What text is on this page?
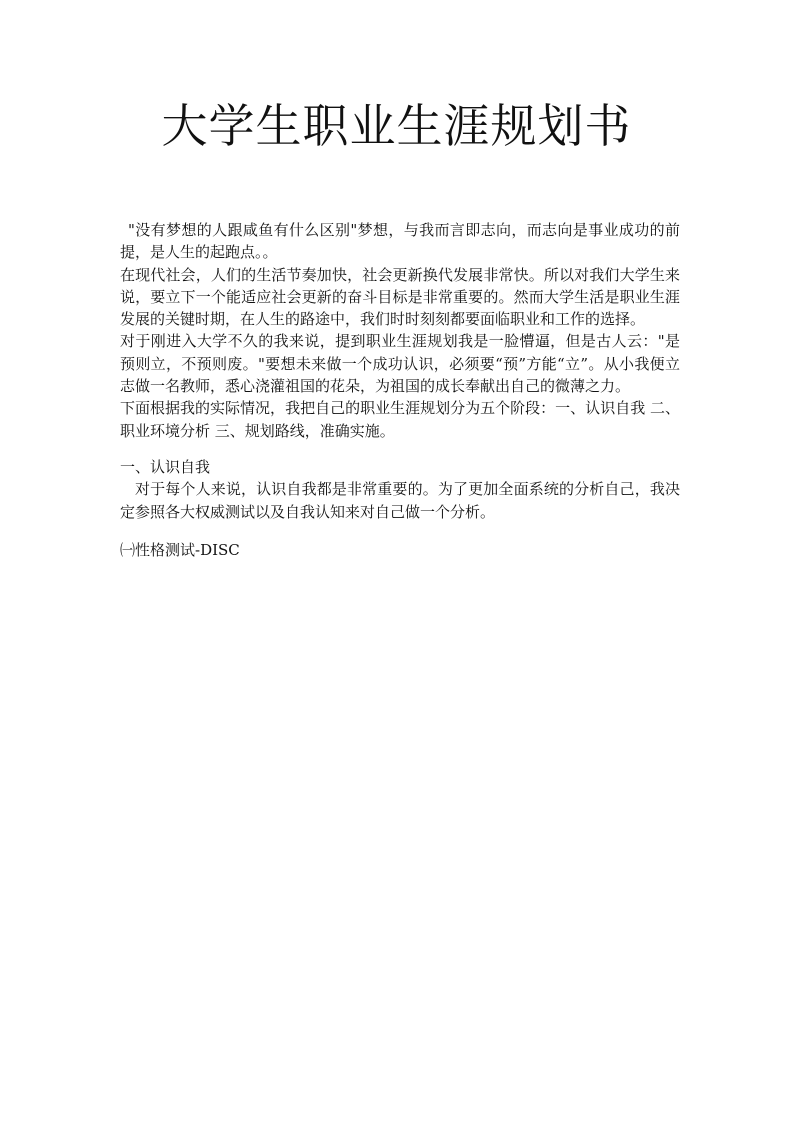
大学生职业生涯规划书

"没有梦想的人跟咸鱼有什么区别"梦想，与我而言即志向，而志向是事业成功的前提，是人生的起跑点。。

在现代社会，人们的生活节奏加快，社会更新换代发展非常快。所以对我们大学生来说，要立下一个能适应社会更新的奋斗目标是非常重要的。然而大学生活是职业生涯发展的关键时期，在人生的路途中，我们时时刻刻都要面临职业和工作的选择。

对于刚进入大学不久的我来说，提到职业生涯规划我是一脸懵逼，但是古人云："是预则立，不预则废。"要想未来做一个成功认识，必须要“预”方能“立”。从小我便立志做一名教师，悉心浇灌祖国的花朵，为祖国的成长奉献出自己的微薄之力。

下面根据我的实际情况，我把自己的职业生涯规划分为五个阶段：一、认识自我 二、职业环境分析 三、规划路线，准确实施。

一、认识自我

对于每个人来说，认识自我都是非常重要的。为了更加全面系统的分析自己，我决定参照各大权威测试以及自我认知来对自己做一个分析。

㈠性格测试-DISC
